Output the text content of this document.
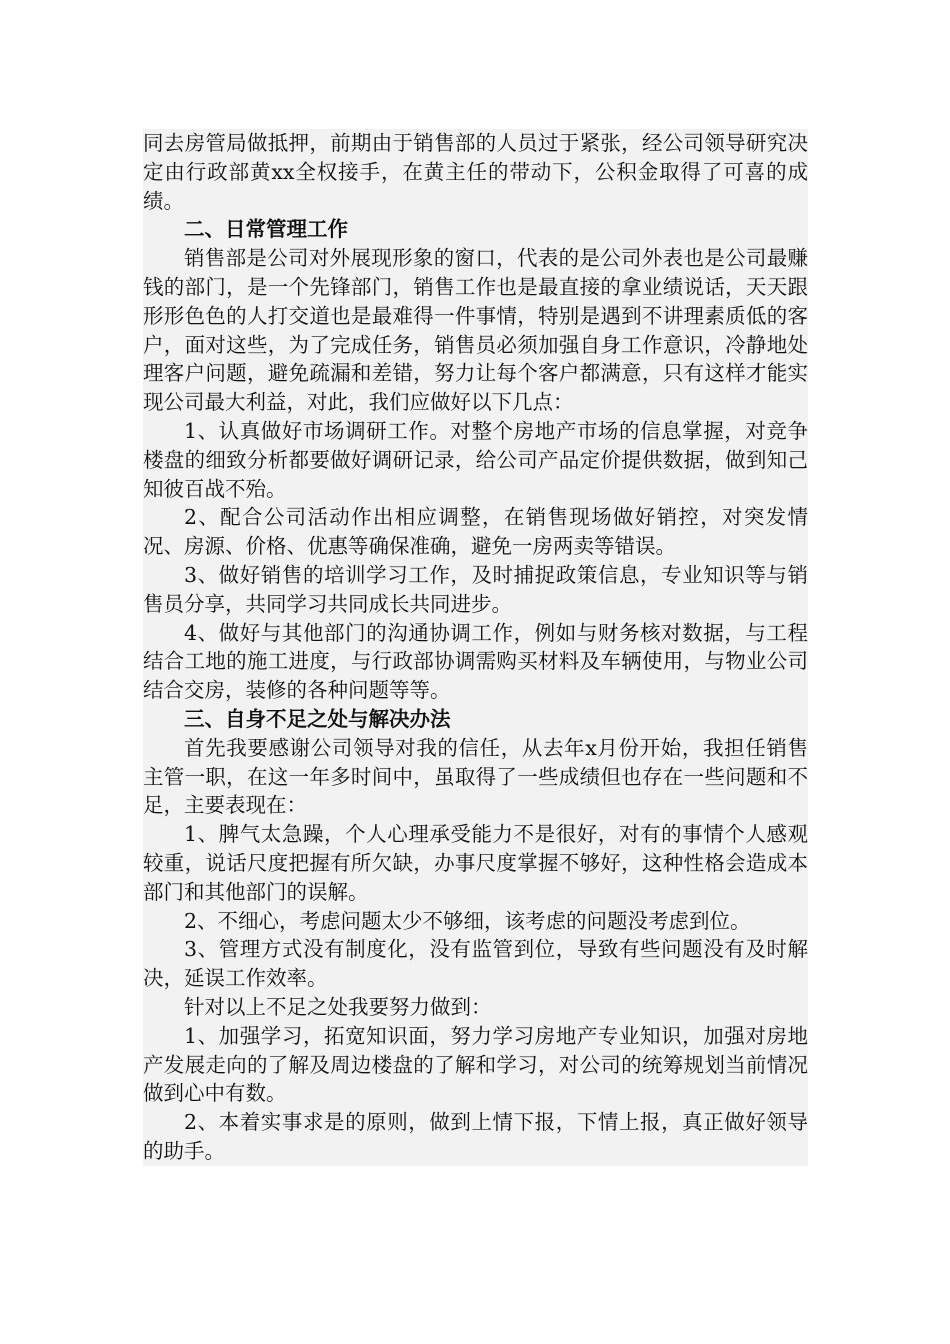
同去房管局做抵押，前期由于销售部的人员过于紧张，经公司领导研究决定由行政部黄xx全权接手，在黄主任的带动下，公积金取得了可喜的成绩。

二、日常管理工作

销售部是公司对外展现形象的窗口，代表的是公司外表也是公司最赚钱的部门，是一个先锋部门，销售工作也是最直接的拿业绩说话，天天跟形形色色的人打交道也是最难得一件事情，特别是遇到不讲理素质低的客户，面对这些，为了完成任务，销售员必须加强自身工作意识，冷静地处理客户问题，避免疏漏和差错，努力让每个客户都满意，只有这样才能实现公司最大利益，对此，我们应做好以下几点：

1、认真做好市场调研工作。对整个房地产市场的信息掌握，对竞争楼盘的细致分析都要做好调研记录，给公司产品定价提供数据，做到知己知彼百战不殆。

2、配合公司活动作出相应调整，在销售现场做好销控，对突发情况、房源、价格、优惠等确保准确，避免一房两卖等错误。

3、做好销售的培训学习工作，及时捕捉政策信息，专业知识等与销售员分享，共同学习共同成长共同进步。

4、做好与其他部门的沟通协调工作，例如与财务核对数据，与工程结合工地的施工进度，与行政部协调需购买材料及车辆使用，与物业公司结合交房，装修的各种问题等等。

三、自身不足之处与解决办法

首先我要感谢公司领导对我的信任，从去年x月份开始，我担任销售主管一职，在这一年多时间中，虽取得了一些成绩但也存在一些问题和不足，主要表现在：

1、脾气太急躁，个人心理承受能力不是很好，对有的事情个人感观较重，说话尺度把握有所欠缺，办事尺度掌握不够好，这种性格会造成本部门和其他部门的误解。

2、不细心，考虑问题太少不够细，该考虑的问题没考虑到位。

3、管理方式没有制度化，没有监管到位，导致有些问题没有及时解决，延误工作效率。

针对以上不足之处我要努力做到：

1、加强学习，拓宽知识面，努力学习房地产专业知识，加强对房地产发展走向的了解及周边楼盘的了解和学习，对公司的统筹规划当前情况做到心中有数。

2、本着实事求是的原则，做到上情下报，下情上报，真正做好领导的助手。
